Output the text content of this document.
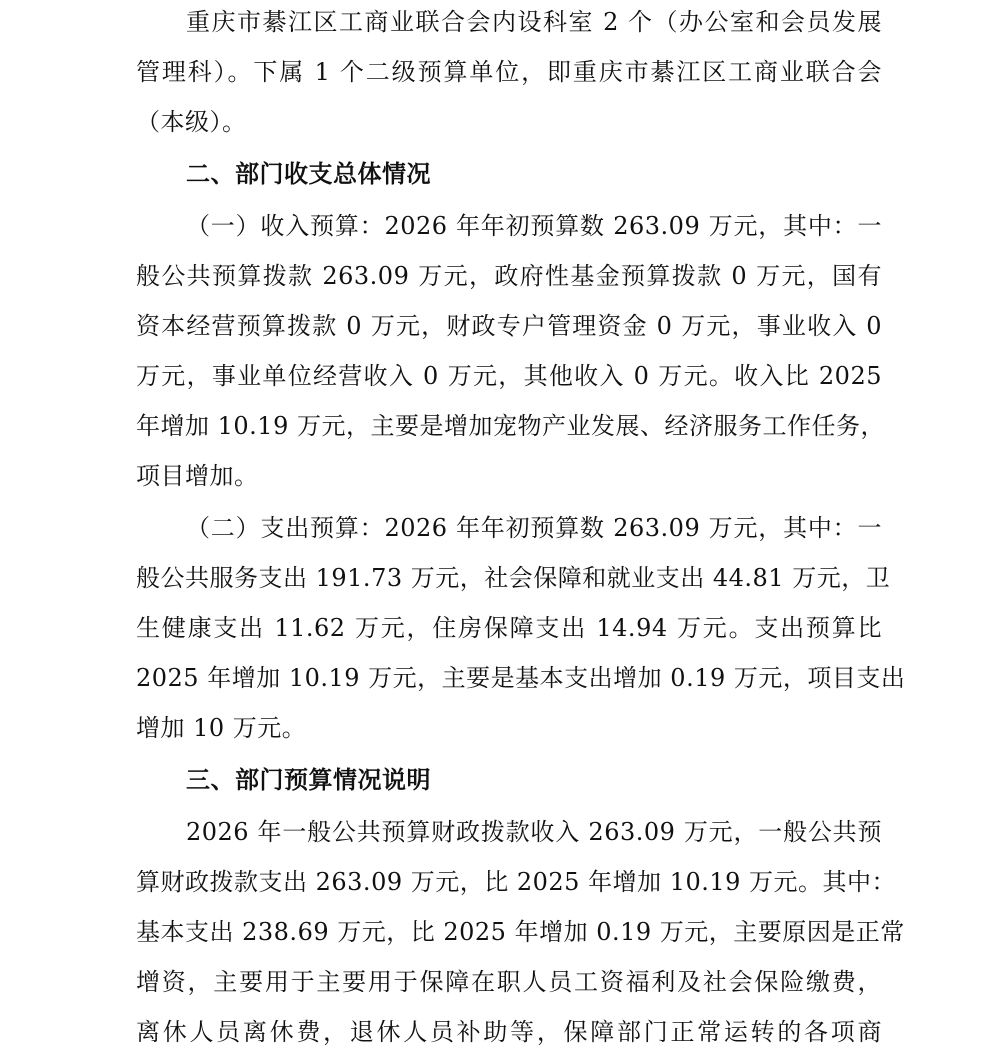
重庆市綦江区工商业联合会内设科室 2 个（办公室和会员发展
管理科）。下属 1 个二级预算单位，即重庆市綦江区工商业联合会
（本级）。
二、部门收支总体情况
（一）收入预算：2026 年年初预算数 263.09 万元，其中：一
般公共预算拨款 263.09 万元，政府性基金预算拨款 0 万元，国有
资本经营预算拨款 0 万元，财政专户管理资金 0 万元，事业收入 0
万元，事业单位经营收入 0 万元，其他收入 0 万元。收入比 2025
年增加 10.19 万元，主要是增加宠物产业发展、经济服务工作任务，
项目增加。
（二）支出预算：2026 年年初预算数 263.09 万元，其中：一
般公共服务支出 191.73 万元，社会保障和就业支出 44.81 万元，卫
生健康支出 11.62 万元，住房保障支出 14.94 万元。支出预算比
2025 年增加 10.19 万元，主要是基本支出增加 0.19 万元，项目支出
增加 10 万元。
三、部门预算情况说明
2026 年一般公共预算财政拨款收入 263.09 万元，一般公共预
算财政拨款支出 263.09 万元，比 2025 年增加 10.19 万元。其中：
基本支出 238.69 万元，比 2025 年增加 0.19 万元，主要原因是正常
增资，主要用于主要用于保障在职人员工资福利及社会保险缴费，
离休人员离休费，退休人员补助等，保障部门正常运转的各项商
